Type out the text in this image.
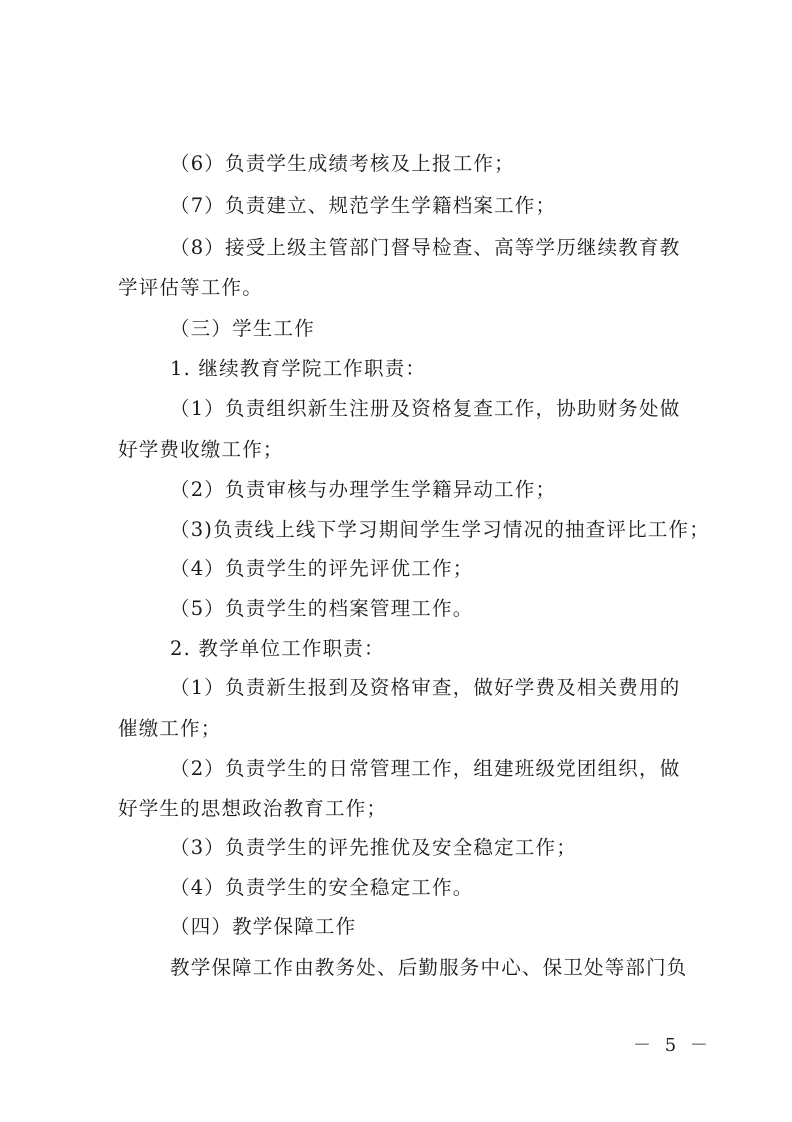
（6）负责学生成绩考核及上报工作；
（7）负责建立、规范学生学籍档案工作；
（8）接受上级主管部门督导检查、高等学历继续教育教
学评估等工作。
（三）学生工作
1. 继续教育学院工作职责：
（1）负责组织新生注册及资格复查工作，协助财务处做
好学费收缴工作；
（2）负责审核与办理学生学籍异动工作；
（3)负责线上线下学习期间学生学习情况的抽查评比工作；
（4）负责学生的评先评优工作；
（5）负责学生的档案管理工作。
2. 教学单位工作职责：
（1）负责新生报到及资格审查，做好学费及相关费用的
催缴工作；
（2）负责学生的日常管理工作，组建班级党团组织，做
好学生的思想政治教育工作；
（3）负责学生的评先推优及安全稳定工作；
（4）负责学生的安全稳定工作。
（四）教学保障工作
教学保障工作由教务处、后勤服务中心、保卫处等部门负
－ 5 －
